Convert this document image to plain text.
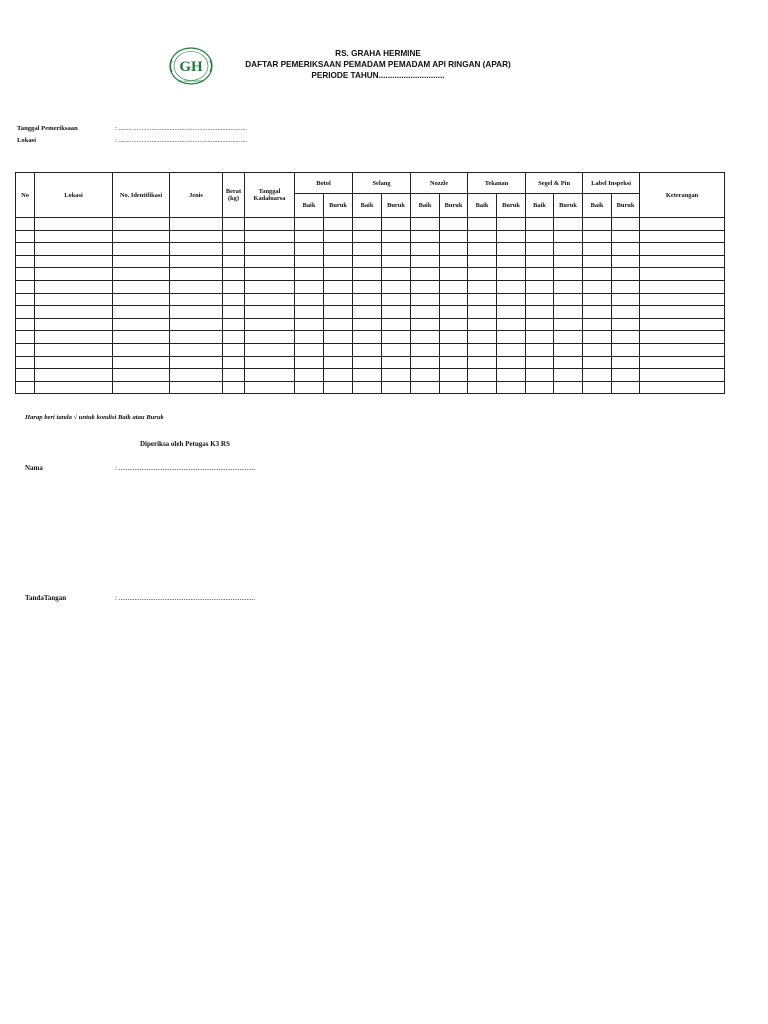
GH
RS. GRAHA HERMINE
RS. GRAHA HERMINE
DAFTAR PEMERIKSAAN PEMADAM PEMADAM API RINGAN (APAR)
PERIODE TAHUN.............................
Tanggal Pemeriksaan	: ..............................................................................
Lokasi	: ..............................................................................
No	Lokasi	No. Identifikasi	Jenis	Berat (kg)	Tanggal Kadaluarsa	Botol		Selang		Nozzle		Tekanan		Segel & Pin		Label Inspeksi		Keterangan
						Baik	Buruk	Baik	Buruk	Baik	Buruk	Baik	Buruk	Baik	Buruk	Baik	Buruk	

Harap beri tanda √ untuk kondisi Baik atau Buruk
Diperiksa oleh Petugas K3 RS
Nama	: ..............................................................................
TandaTangan	: ..............................................................................
